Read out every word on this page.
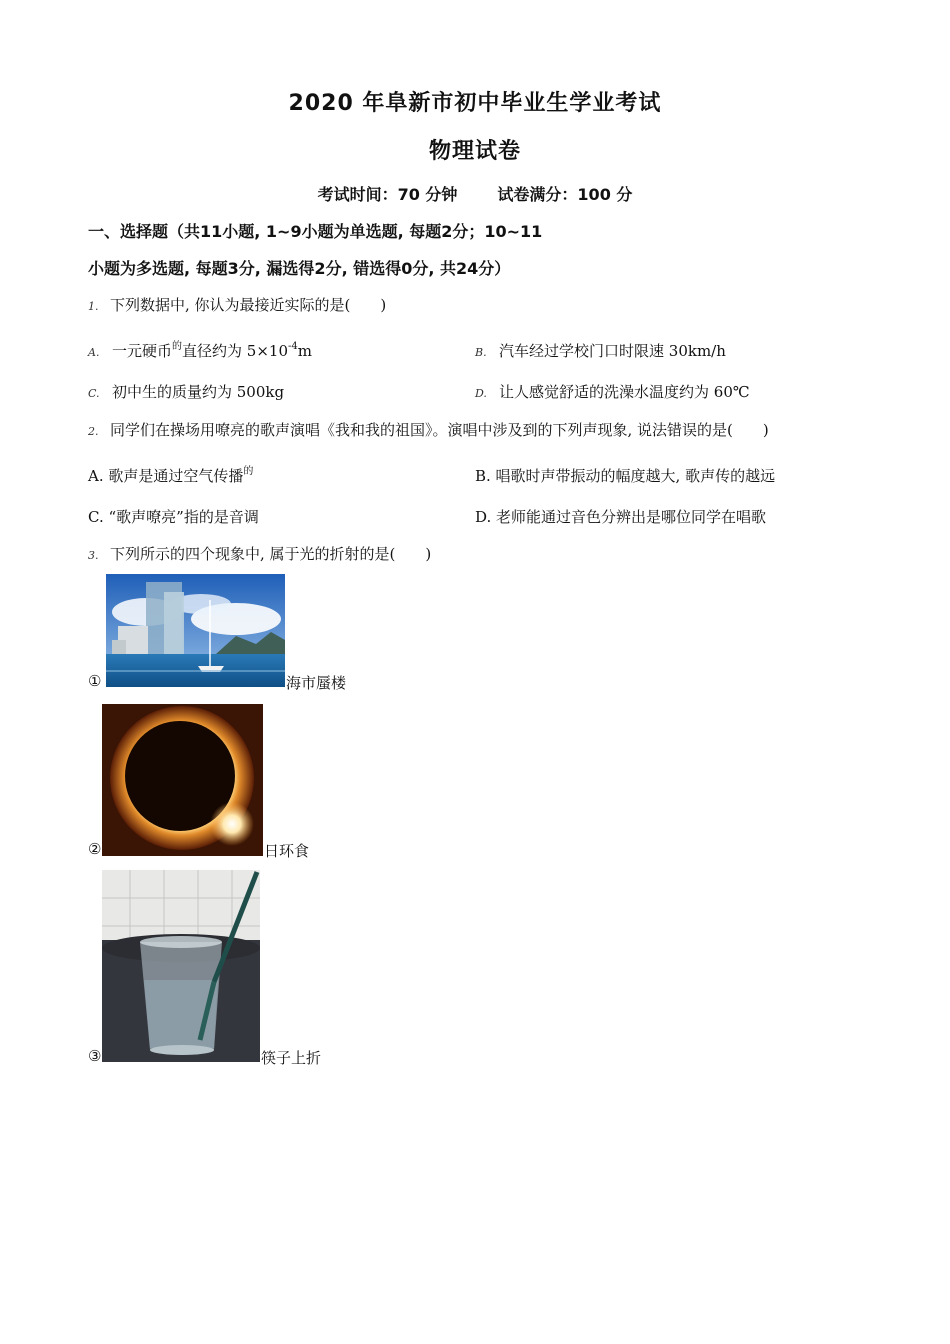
2020 年阜新市初中毕业生学业考试
物理试卷
考试时间：70 分钟	试卷满分：100 分
一、选择题（共11小题, 1~9小题为单选题, 每题2分；10~11
小题为多选题, 每题3分, 漏选得2分, 错选得0分, 共24分）
1. 下列数据中, 你认为最接近实际的是(　　)
A. 一元硬币$^的$直径约为 $5\times 10^{-4}m$	B. 汽车经过学校门口时限速 30km/h
C. 初中生的质量约为 500kg	D. 让人感觉舒适的洗澡水温度约为 60℃
2. 同学们在操场用嘹亮的歌声演唱《我和我的祖国》。演唱中涉及到的下列声现象, 说法错误的是(　　)
A. 歌声是通过空气传播$^的$	B. 唱歌时声带振动的幅度越大, 歌声传的越远
C. “歌声嘹亮”指的是音调	D. 老师能通过音色分辨出是哪位同学在唱歌
3. 下列所示的四个现象中, 属于光的折射的是(　　)
①	海市蜃楼
②	日环食
③	筷子上折
